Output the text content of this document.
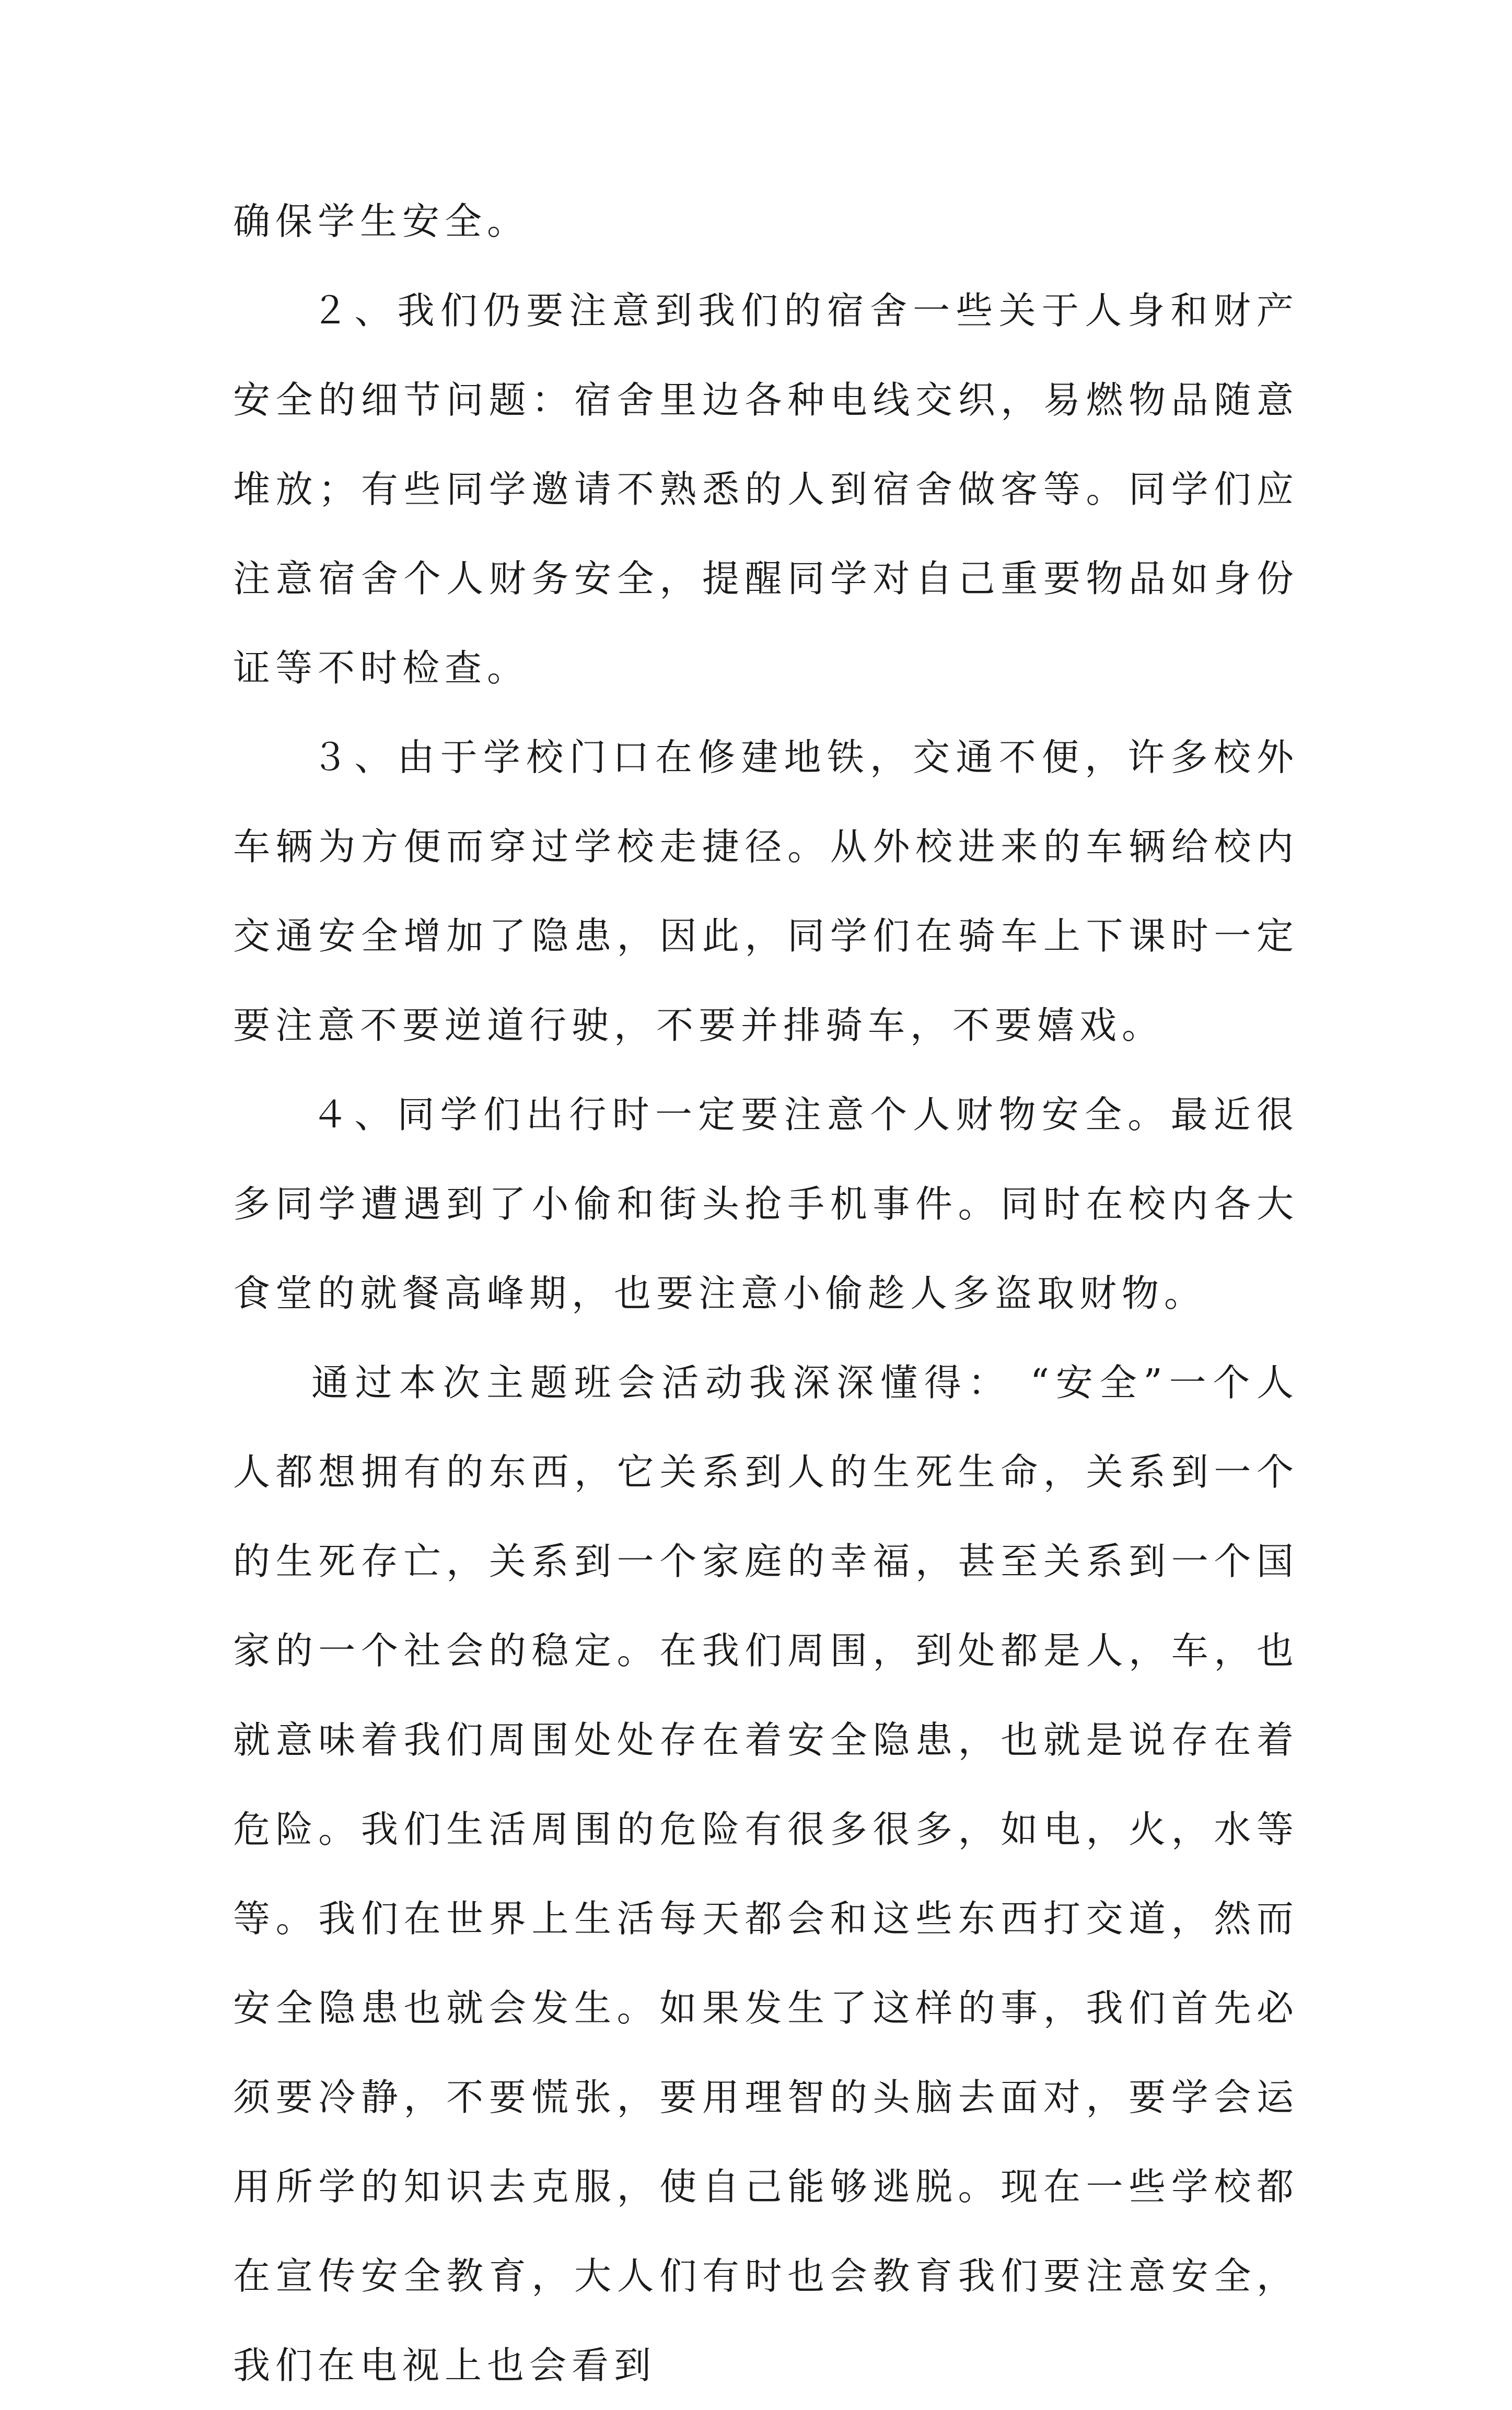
确保学生安全。

２、我们仍要注意到我们的宿舍一些关于人身和财产安全的细节问题：宿舍里边各种电线交织，易燃物品随意堆放；有些同学邀请不熟悉的人到宿舍做客等。同学们应注意宿舍个人财务安全，提醒同学对自己重要物品如身份证等不时检查。

３、由于学校门口在修建地铁，交通不便，许多校外车辆为方便而穿过学校走捷径。从外校进来的车辆给校内交通安全增加了隐患，因此，同学们在骑车上下课时一定要注意不要逆道行驶，不要并排骑车，不要嬉戏。

４、同学们出行时一定要注意个人财物安全。最近很多同学遭遇到了小偷和街头抢手机事件。同时在校内各大食堂的就餐高峰期，也要注意小偷趁人多盗取财物。

通过本次主题班会活动我深深懂得： “安全”一个人人都想拥有的东西，它关系到人的生死生命，关系到一个的生死存亡，关系到一个家庭的幸福，甚至关系到一个国家的一个社会的稳定。在我们周围，到处都是人，车，也就意味着我们周围处处存在着安全隐患，也就是说存在着危险。我们生活周围的危险有很多很多，如电，火，水等等。我们在世界上生活每天都会和这些东西打交道，然而安全隐患也就会发生。如果发生了这样的事，我们首先必须要冷静，不要慌张，要用理智的头脑去面对，要学会运用所学的知识去克服，使自己能够逃脱。现在一些学校都在宣传安全教育，大人们有时也会教育我们要注意安全，我们在电视上也会看到
